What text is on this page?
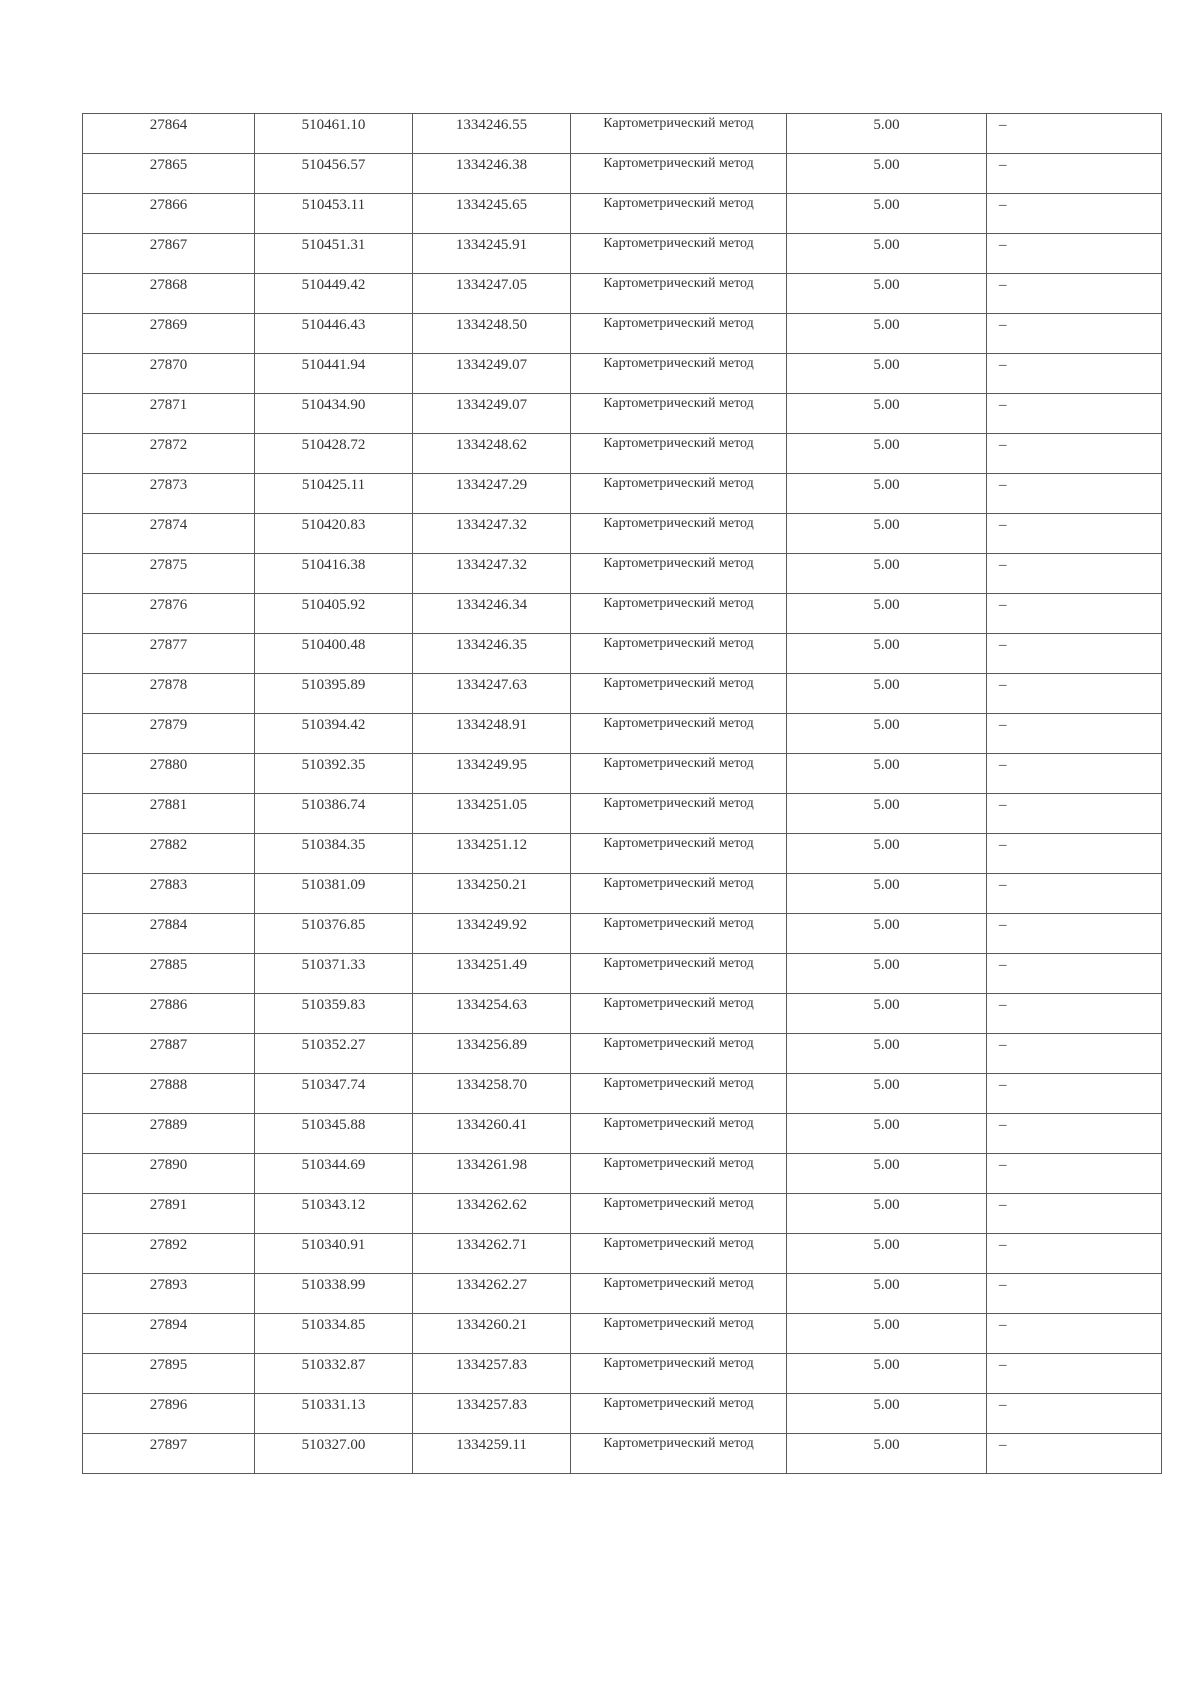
27864	510461.10	1334246.55	Картометрический метод	5.00	–
27865	510456.57	1334246.38	Картометрический метод	5.00	–
27866	510453.11	1334245.65	Картометрический метод	5.00	–
27867	510451.31	1334245.91	Картометрический метод	5.00	–
27868	510449.42	1334247.05	Картометрический метод	5.00	–
27869	510446.43	1334248.50	Картометрический метод	5.00	–
27870	510441.94	1334249.07	Картометрический метод	5.00	–
27871	510434.90	1334249.07	Картометрический метод	5.00	–
27872	510428.72	1334248.62	Картометрический метод	5.00	–
27873	510425.11	1334247.29	Картометрический метод	5.00	–
27874	510420.83	1334247.32	Картометрический метод	5.00	–
27875	510416.38	1334247.32	Картометрический метод	5.00	–
27876	510405.92	1334246.34	Картометрический метод	5.00	–
27877	510400.48	1334246.35	Картометрический метод	5.00	–
27878	510395.89	1334247.63	Картометрический метод	5.00	–
27879	510394.42	1334248.91	Картометрический метод	5.00	–
27880	510392.35	1334249.95	Картометрический метод	5.00	–
27881	510386.74	1334251.05	Картометрический метод	5.00	–
27882	510384.35	1334251.12	Картометрический метод	5.00	–
27883	510381.09	1334250.21	Картометрический метод	5.00	–
27884	510376.85	1334249.92	Картометрический метод	5.00	–
27885	510371.33	1334251.49	Картометрический метод	5.00	–
27886	510359.83	1334254.63	Картометрический метод	5.00	–
27887	510352.27	1334256.89	Картометрический метод	5.00	–
27888	510347.74	1334258.70	Картометрический метод	5.00	–
27889	510345.88	1334260.41	Картометрический метод	5.00	–
27890	510344.69	1334261.98	Картометрический метод	5.00	–
27891	510343.12	1334262.62	Картометрический метод	5.00	–
27892	510340.91	1334262.71	Картометрический метод	5.00	–
27893	510338.99	1334262.27	Картометрический метод	5.00	–
27894	510334.85	1334260.21	Картометрический метод	5.00	–
27895	510332.87	1334257.83	Картометрический метод	5.00	–
27896	510331.13	1334257.83	Картометрический метод	5.00	–
27897	510327.00	1334259.11	Картометрический метод	5.00	–
